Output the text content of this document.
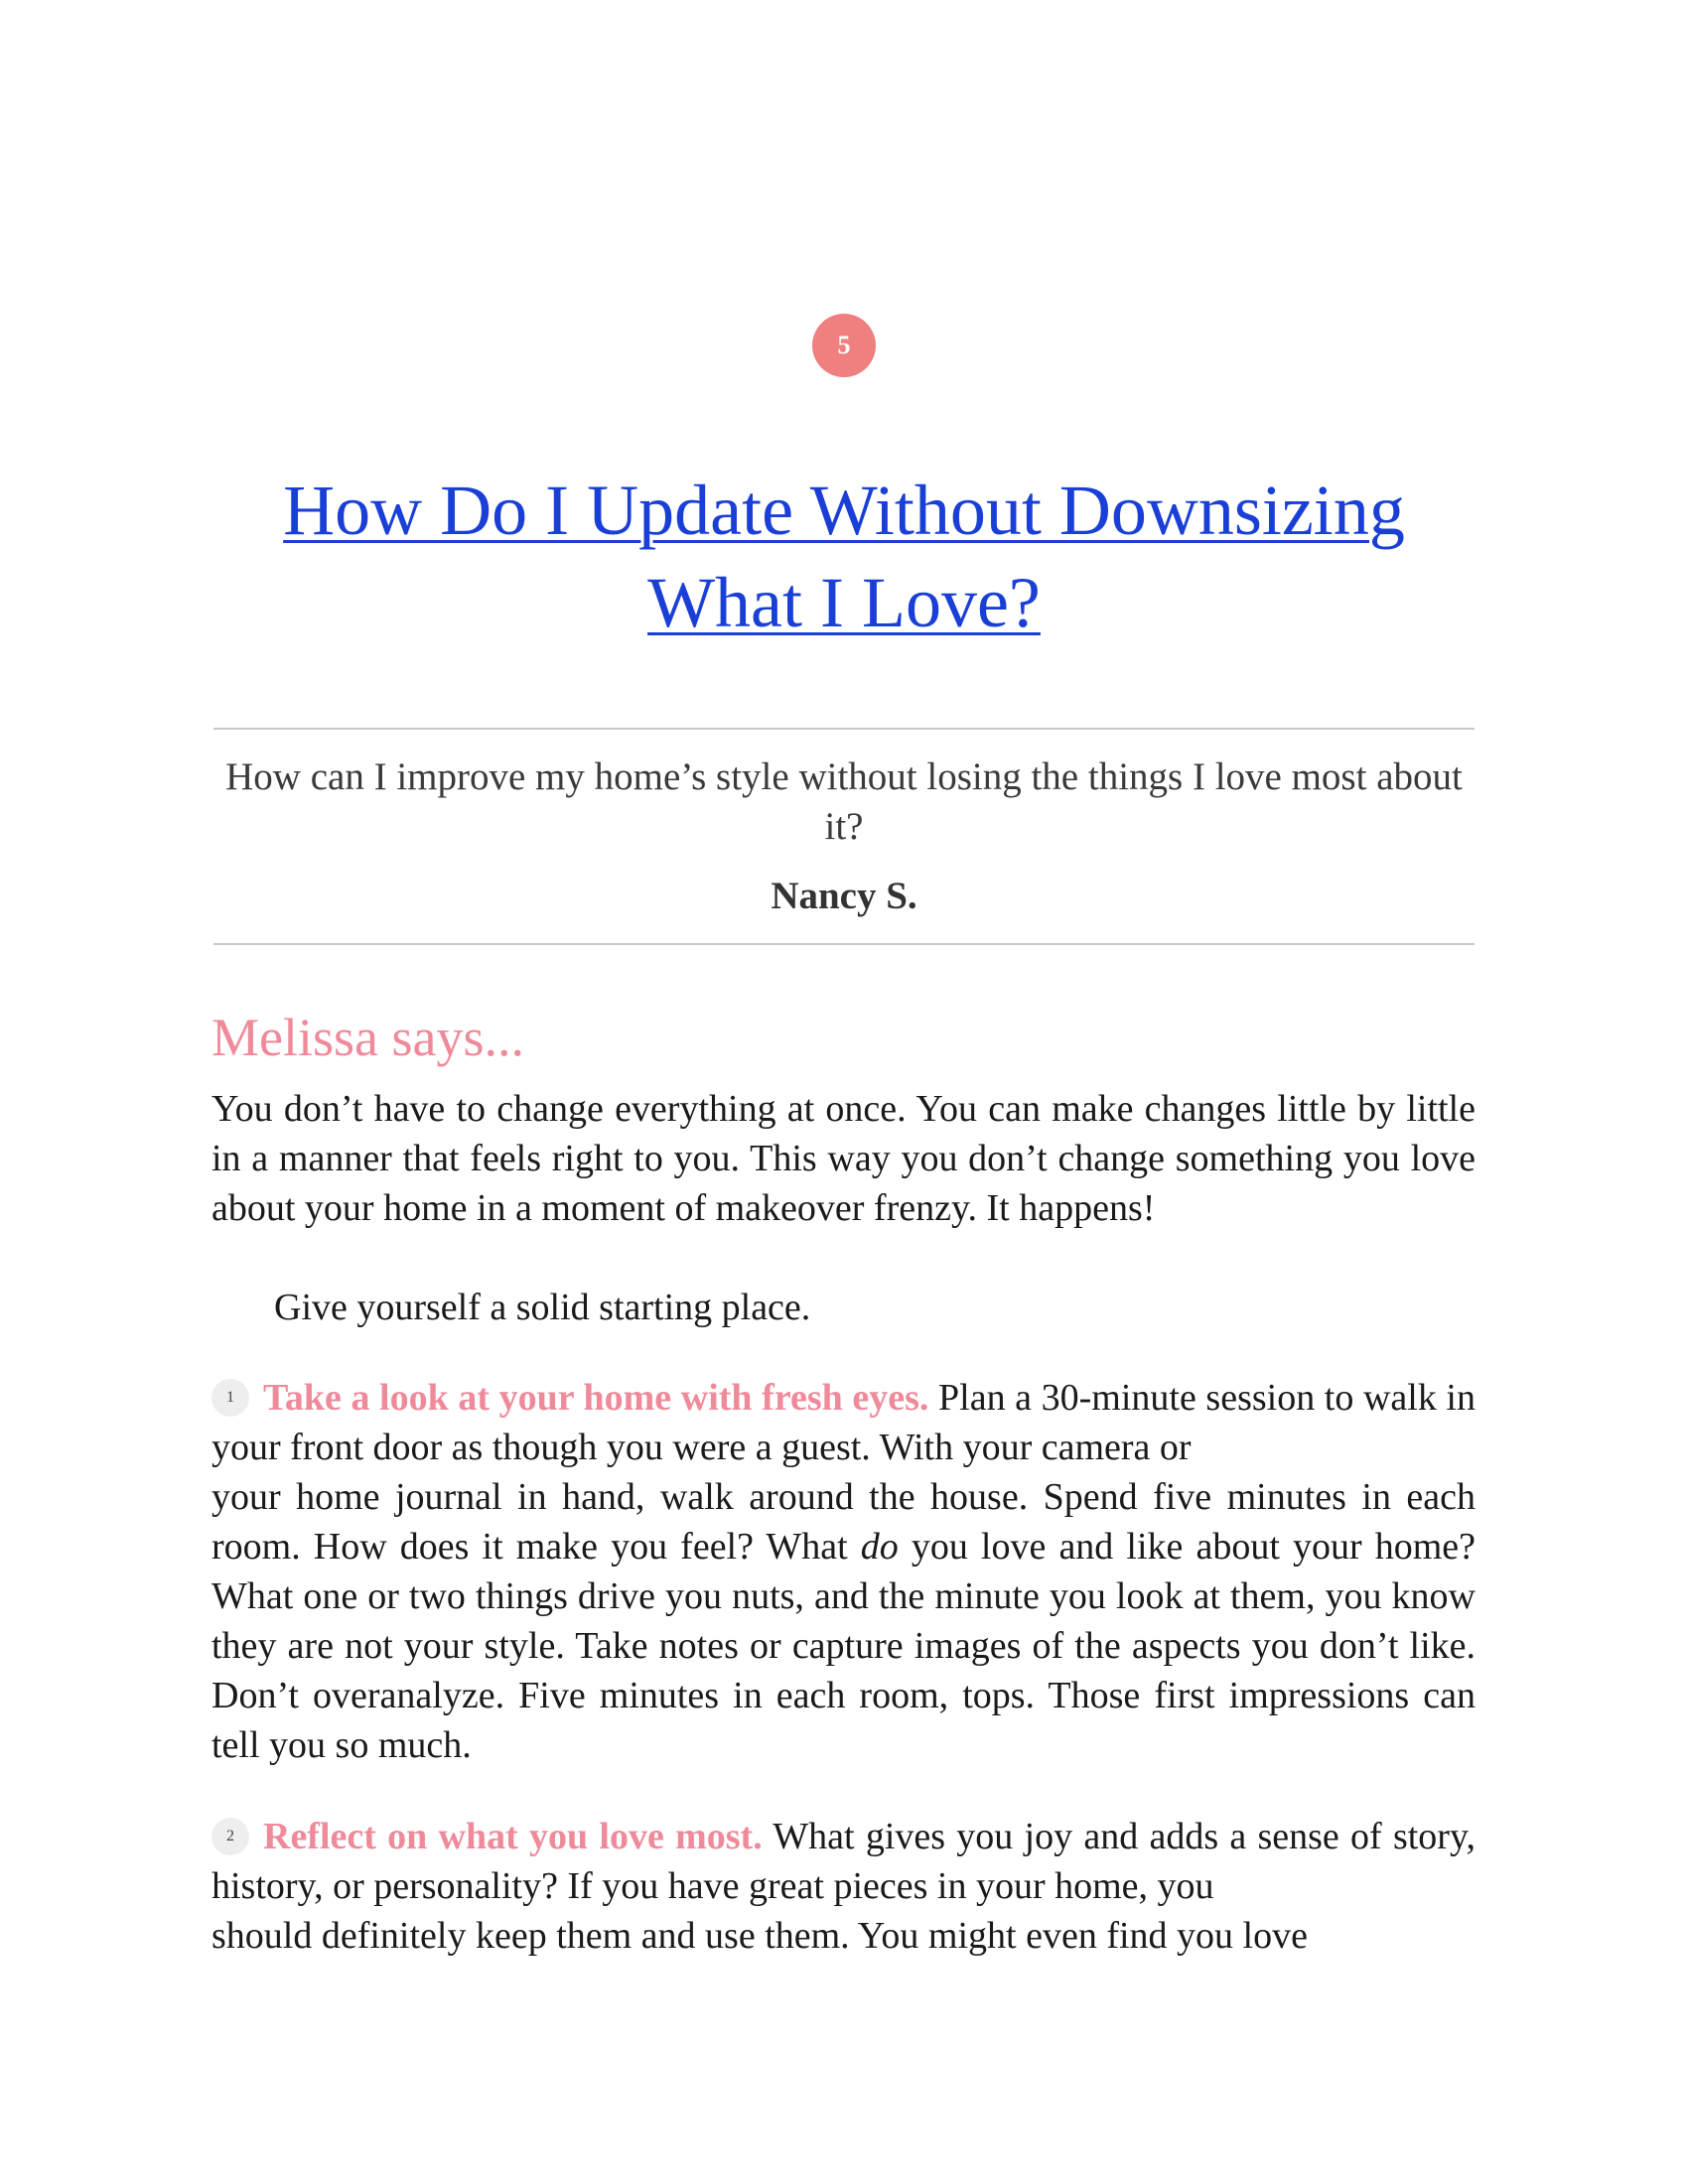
5
How Do I Update Without Downsizing
What I Love?
How can I improve my home’s style without losing the things I love most about it?
Nancy S.
Melissa says...

You don’t have to change everything at once. You can make changes little by little in a manner that feels right to you. This way you don’t change something you love about your home in a moment of makeover frenzy. It happens!

Give yourself a solid starting place.

1 Take a look at your home with fresh eyes. Plan a 30-minute session to walk in your front door as though you were a guest. With your camera or
your home journal in hand, walk around the house. Spend five minutes in each room. How does it make you feel? What do you love and like about your home? What one or two things drive you nuts, and the minute you look at them, you know they are not your style. Take notes or capture images of the aspects you don’t like. Don’t overanalyze. Five minutes in each room, tops. Those first impressions can tell you so much.
2 Reflect on what you love most. What gives you joy and adds a sense of story, history, or personality? If you have great pieces in your home, you
should definitely keep them and use them. You might even find you love
